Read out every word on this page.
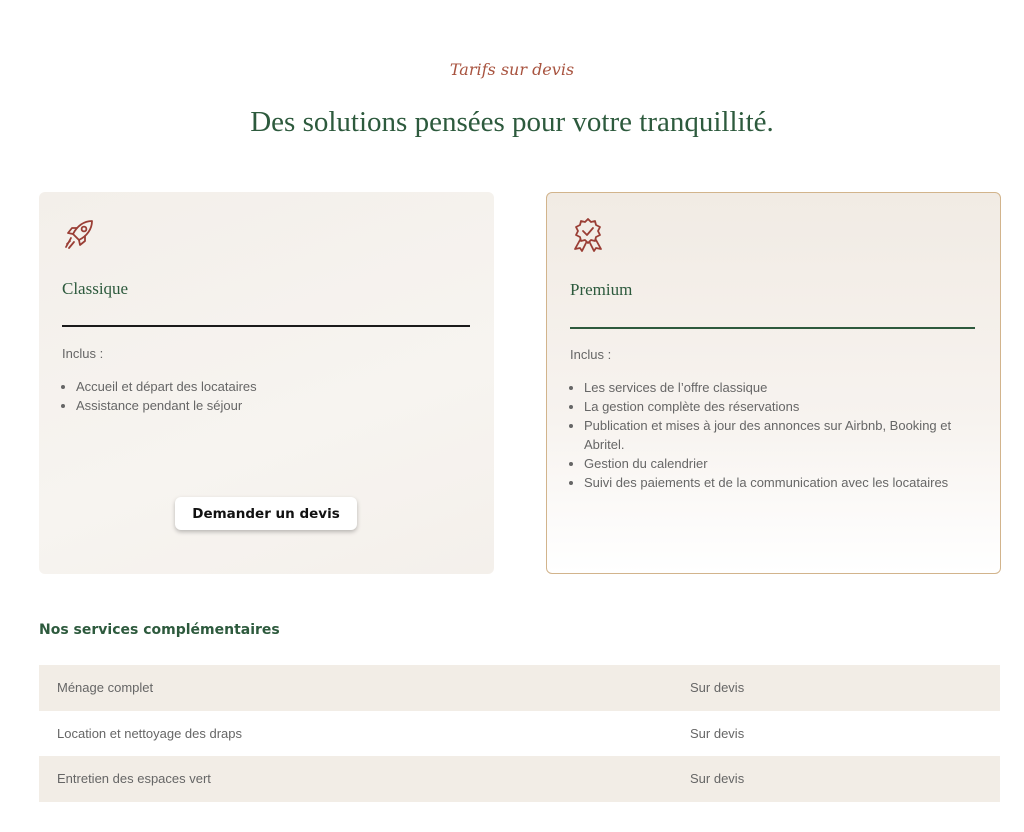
Tarifs sur devis
Des solutions pensées pour votre tranquillité.
Classique
Inclus :
• Accueil et départ des locataires
• Assistance pendant le séjour
Demander un devis
Premium
Inclus :
• Les services de l’offre classique
• La gestion complète des réservations
• Publication et mises à jour des annonces sur Airbnb, Booking et Abritel.
• Gestion du calendrier
• Suivi des paiements et de la communication avec les locataires
Nos services complémentaires
Ménage complet	Sur devis
Location et nettoyage des draps	Sur devis
Entretien des espaces vert	Sur devis
